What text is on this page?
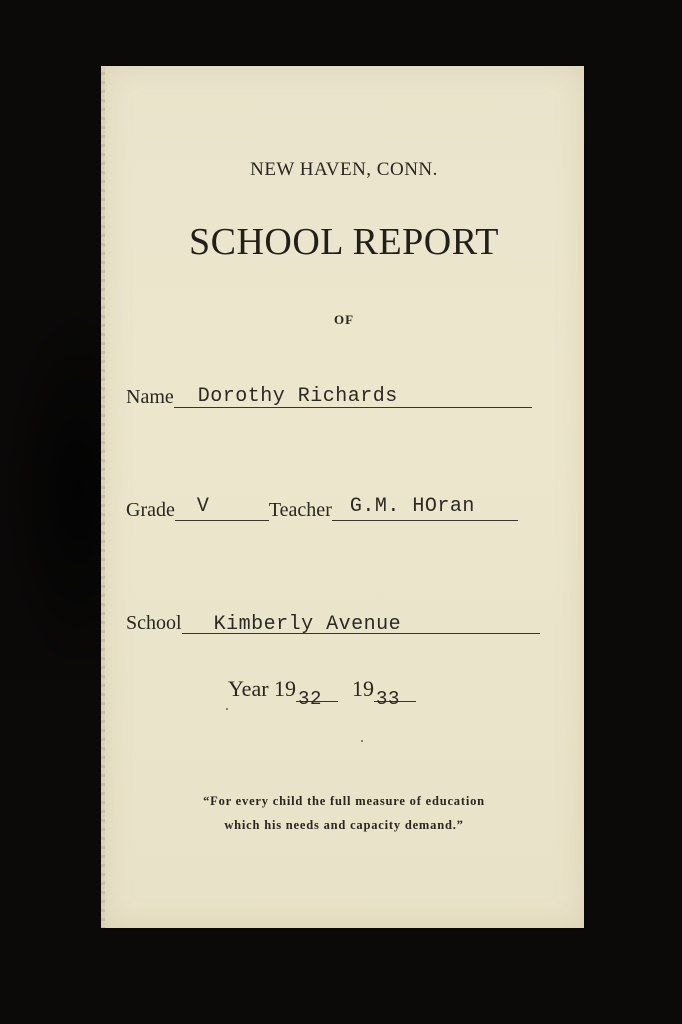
NEW HAVEN, CONN.
SCHOOL REPORT
OF
Name Dorothy Richards
Grade V	Teacher G.M. HOran
School Kimberly Avenue
Year 19 32 19 33
“For every child the full measure of education
which his needs and capacity demand.”
